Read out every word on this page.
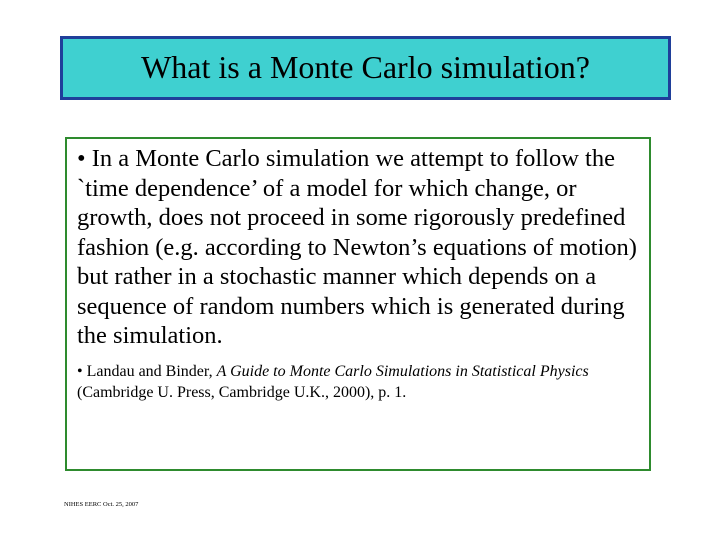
What is a Monte Carlo simulation?

• In a Monte Carlo simulation we attempt to follow the `time dependence’ of a model for which change, or growth, does not proceed in some rigorously predefined fashion (e.g. according to Newton’s equations of motion) but rather in a stochastic manner which depends on a sequence of random numbers which is generated during the simulation.

• Landau and Binder, A Guide to Monte Carlo Simulations in Statistical Physics (Cambridge U. Press, Cambridge U.K., 2000), p. 1.

NIHES EERC Oct. 25, 2007
